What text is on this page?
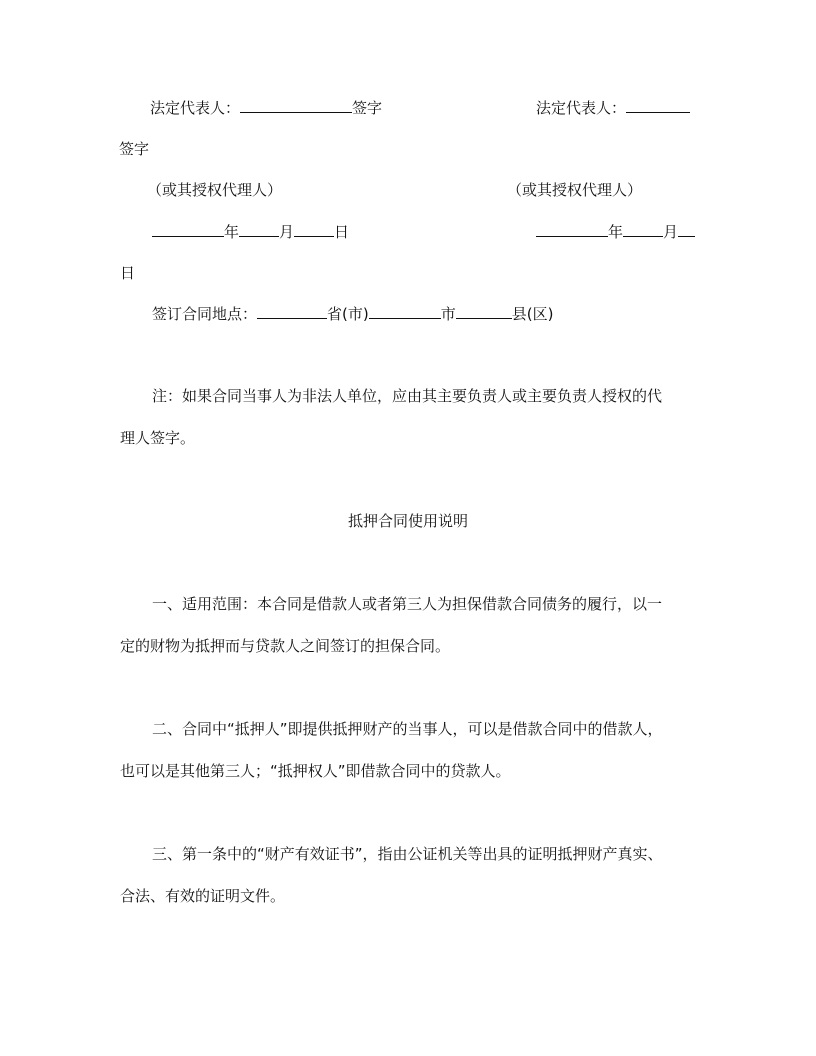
法定代表人：	签字	法定代表人：
签字
（或其授权代理人）	（或其授权代理人）
年	月	日	年	月
日
签订合同地点：	省(市)	市	县(区)
注：如果合同当事人为非法人单位，应由其主要负责人或主要负责人授权的代
理人签字。
抵押合同使用说明
一、适用范围：本合同是借款人或者第三人为担保借款合同债务的履行，以一
定的财物为抵押而与贷款人之间签订的担保合同。
二、合同中“抵押人”即提供抵押财产的当事人，可以是借款合同中的借款人，
也可以是其他第三人；“抵押权人”即借款合同中的贷款人。
三、第一条中的“财产有效证书”，指由公证机关等出具的证明抵押财产真实、
合法、有效的证明文件。
